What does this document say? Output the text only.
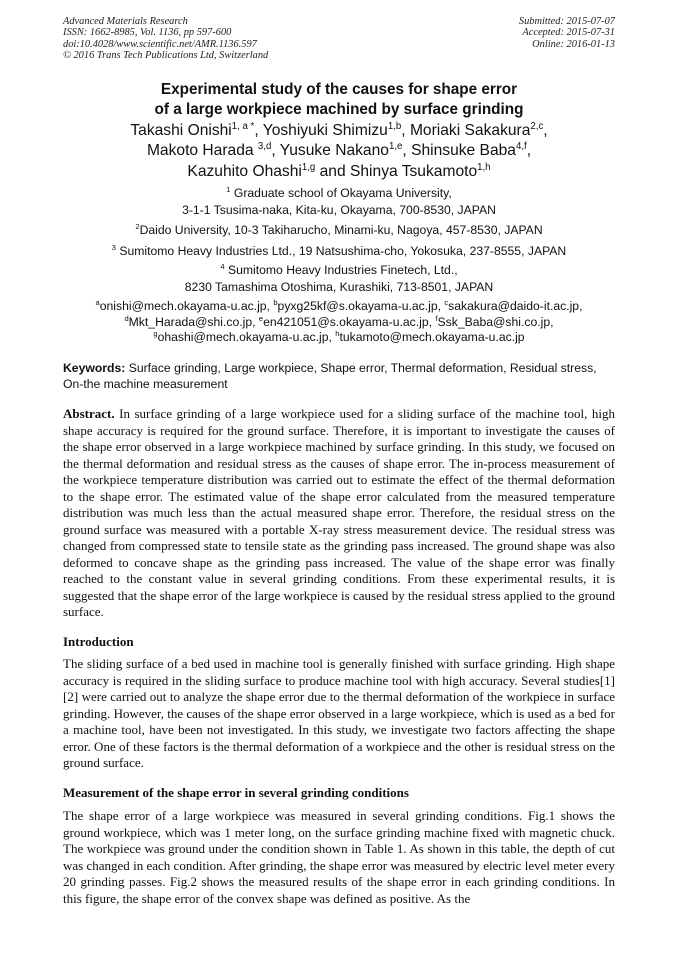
Advanced Materials Research
ISSN: 1662-8985, Vol. 1136, pp 597-600
doi:10.4028/www.scientific.net/AMR.1136.597
© 2016 Trans Tech Publications Ltd, Switzerland
Submitted: 2015-07-07
Accepted: 2015-07-31
Online: 2016-01-13
Experimental study of the causes for shape error
of a large workpiece machined by surface grinding
Takashi Onishi$^{1, a *}$, Yoshiyuki Shimizu$^{1,b}$, Moriaki Sakakura$^{2,c}$,
Makoto Harada $^{3,d}$, Yusuke Nakano$^{1,e}$, Shinsuke Baba$^{4,f}$,
Kazuhito Ohashi$^{1,g}$ and Shinya Tsukamoto$^{1,h}$
$^1$ Graduate school of Okayama University,
3-1-1 Tsusima-naka, Kita-ku, Okayama, 700-8530, JAPAN
$^2$Daido University, 10-3 Takiharucho, Minami-ku, Nagoya, 457-8530, JAPAN
$^3$ Sumitomo Heavy Industries Ltd., 19 Natsushima-cho, Yokosuka, 237-8555, JAPAN
$^4$ Sumitomo Heavy Industries Finetech, Ltd.,
8230 Tamashima Otoshima, Kurashiki, 713-8501, JAPAN
$^a$onishi@mech.okayama-u.ac.jp, $^b$pyxg25kf@s.okayama-u.ac.jp, $^c$sakakura@daido-it.ac.jp,
$^d$Mkt_Harada@shi.co.jp, $^e$en421051@s.okayama-u.ac.jp, $^f$Ssk_Baba@shi.co.jp,
$^g$ohashi@mech.okayama-u.ac.jp, $^h$tukamoto@mech.okayama-u.ac.jp
Keywords: Surface grinding, Large workpiece, Shape error, Thermal deformation, Residual stress, On-the machine measurement
Abstract. In surface grinding of a large workpiece used for a sliding surface of the machine tool, high shape accuracy is required for the ground surface. Therefore, it is important to investigate the causes of the shape error observed in a large workpiece machined by surface grinding. In this study, we focused on the thermal deformation and residual stress as the causes of shape error. The in-process measurement of the workpiece temperature distribution was carried out to estimate the effect of the thermal deformation to the shape error. The estimated value of the shape error calculated from the measured temperature distribution was much less than the actual measured shape error. Therefore, the residual stress on the ground surface was measured with a portable X-ray stress measurement device. The residual stress was changed from compressed state to tensile state as the grinding pass increased. The ground shape was also deformed to concave shape as the grinding pass increased. The value of the shape error was finally reached to the constant value in several grinding conditions. From these experimental results, it is suggested that the shape error of the large workpiece is caused by the residual stress applied to the ground surface.
Introduction
The sliding surface of a bed used in machine tool is generally finished with surface grinding. High shape accuracy is required in the sliding surface to produce machine tool with high accuracy. Several studies[1][2] were carried out to analyze the shape error due to the thermal deformation of the workpiece in surface grinding. However, the causes of the shape error observed in a large workpiece, which is used as a bed for a machine tool, have been not investigated. In this study, we investigate two factors affecting the shape error. One of these factors is the thermal deformation of a workpiece and the other is residual stress on the ground surface.
Measurement of the shape error in several grinding conditions
The shape error of a large workpiece was measured in several grinding conditions. Fig.1 shows the ground workpiece, which was 1 meter long, on the surface grinding machine fixed with magnetic chuck. The workpiece was ground under the condition shown in Table 1. As shown in this table, the depth of cut was changed in each condition. After grinding, the shape error was measured by electric level meter every 20 grinding passes. Fig.2 shows the measured results of the shape error in each grinding conditions. In this figure, the shape error of the convex shape was defined as positive. As the
